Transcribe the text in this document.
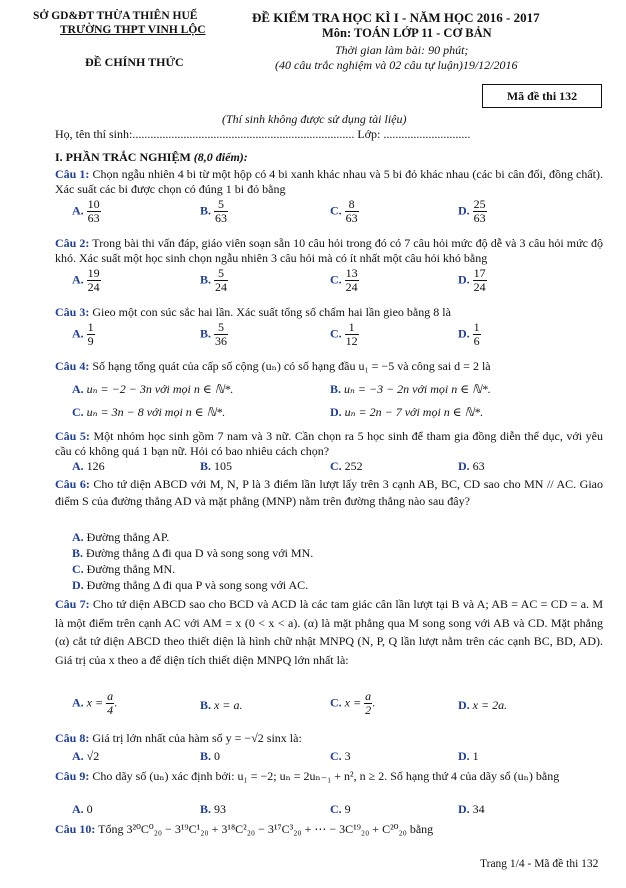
SỞ GD&ĐT THỪA THIÊN HUẾ
TRƯỜNG THPT VINH LỘC
ĐỀ CHÍNH THỨC
ĐỀ KIỂM TRA HỌC KÌ I - NĂM HỌC 2016 - 2017
Môn: TOÁN LỚP 11 - CƠ BẢN
Thời gian làm bài: 90 phút;
(40 câu trắc nghiệm và 02 câu tự luận)19/12/2016
Mã đề thi 132
(Thí sinh không được sử dụng tài liệu)
Họ, tên thí sinh:.......................................................................... Lớp: .............................
I. PHẦN TRẮC NGHIỆM (8,0 điểm):
Câu 1: Chọn ngẫu nhiên 4 bi từ một hộp có 4 bi xanh khác nhau và 5 bi đỏ khác nhau (các bi cân đối, đồng chất). Xác suất các bi được chọn có đúng 1 bi đỏ bằng
A. $\frac{10}{63}$	B. $\frac{5}{63}$	C. $\frac{8}{63}$	D. $\frac{25}{63}$
Câu 2: Trong bài thi vấn đáp, giáo viên soạn sẵn 10 câu hỏi trong đó có 7 câu hỏi mức độ dễ và 3 câu hỏi mức độ khó. Xác suất một học sinh chọn ngẫu nhiên 3 câu hỏi mà có ít nhất một câu hỏi khó bằng
A. $\frac{19}{24}$	B. $\frac{5}{24}$	C. $\frac{13}{24}$	D. $\frac{17}{24}$
Câu 3: Gieo một con súc sắc hai lần. Xác suất tổng số chấm hai lần gieo bằng 8 là
A. $\frac{1}{9}$	B. $\frac{5}{36}$	C. $\frac{1}{12}$	D. $\frac{1}{6}$
Câu 4: Số hạng tổng quát của cấp số cộng (uₙ) có số hạng đầu u₁ = −5 và công sai d = 2 là
A. uₙ = −2 − 3n với mọi n ∈ ℕ*.	B. uₙ = −3 − 2n với mọi n ∈ ℕ*.
C. uₙ = 3n − 8 với mọi n ∈ ℕ*.	D. uₙ = 2n − 7 với mọi n ∈ ℕ*.
Câu 5: Một nhóm học sinh gồm 7 nam và 3 nữ. Cần chọn ra 5 học sinh để tham gia đồng diễn thể dục, với yêu cầu có không quá 1 bạn nữ. Hỏi có bao nhiêu cách chọn?
A. 126	B. 105	C. 252	D. 63
Câu 6: Cho tứ diện ABCD với M, N, P là 3 điểm lần lượt lấy trên 3 cạnh AB, BC, CD sao cho MN // AC. Giao điểm S của đường thẳng AD và mặt phẳng (MNP) nằm trên đường thẳng nào sau đây?
A. Đường thẳng AP.
B. Đường thẳng Δ đi qua D và song song với MN.
C. Đường thẳng MN.
D. Đường thẳng Δ đi qua P và song song với AC.
Câu 7: Cho tứ diện ABCD sao cho BCD và ACD là các tam giác cân lần lượt tại B và A; AB = AC = CD = a. M là một điểm trên cạnh AC với AM = x (0 < x < a). (α) là mặt phẳng qua M song song với AB và CD. Mặt phẳng (α) cắt tứ diện ABCD theo thiết diện là hình chữ nhật MNPQ (N, P, Q lần lượt nằm trên các cạnh BC, BD, AD). Giá trị của x theo a để diện tích thiết diện MNPQ lớn nhất là:
A. $x = \frac{a}{4}$ .	B. x = a.	C. $x = \frac{a}{2}$ .	D. x = 2a.
Câu 8: Giá trị lớn nhất của hàm số y = −√2 sinx là:
A. √2	B. 0	C. 3	D. 1
Câu 9: Cho dãy số (uₙ) xác định bởi: u₁ = −2; uₙ = 2uₙ₋₁ + n², n ≥ 2. Số hạng thứ 4 của dãy số (uₙ) bằng
A. 0	B. 93	C. 9	D. 34
Câu 10: Tổng 3²⁰C⁰₂₀ − 3¹⁹C¹₂₀ + 3¹⁸C²₂₀ − 3¹⁷C³₂₀ + ⋯ − 3C¹⁹₂₀ + C²⁰₂₀ bằng
Trang 1/4 - Mã đề thi 132
